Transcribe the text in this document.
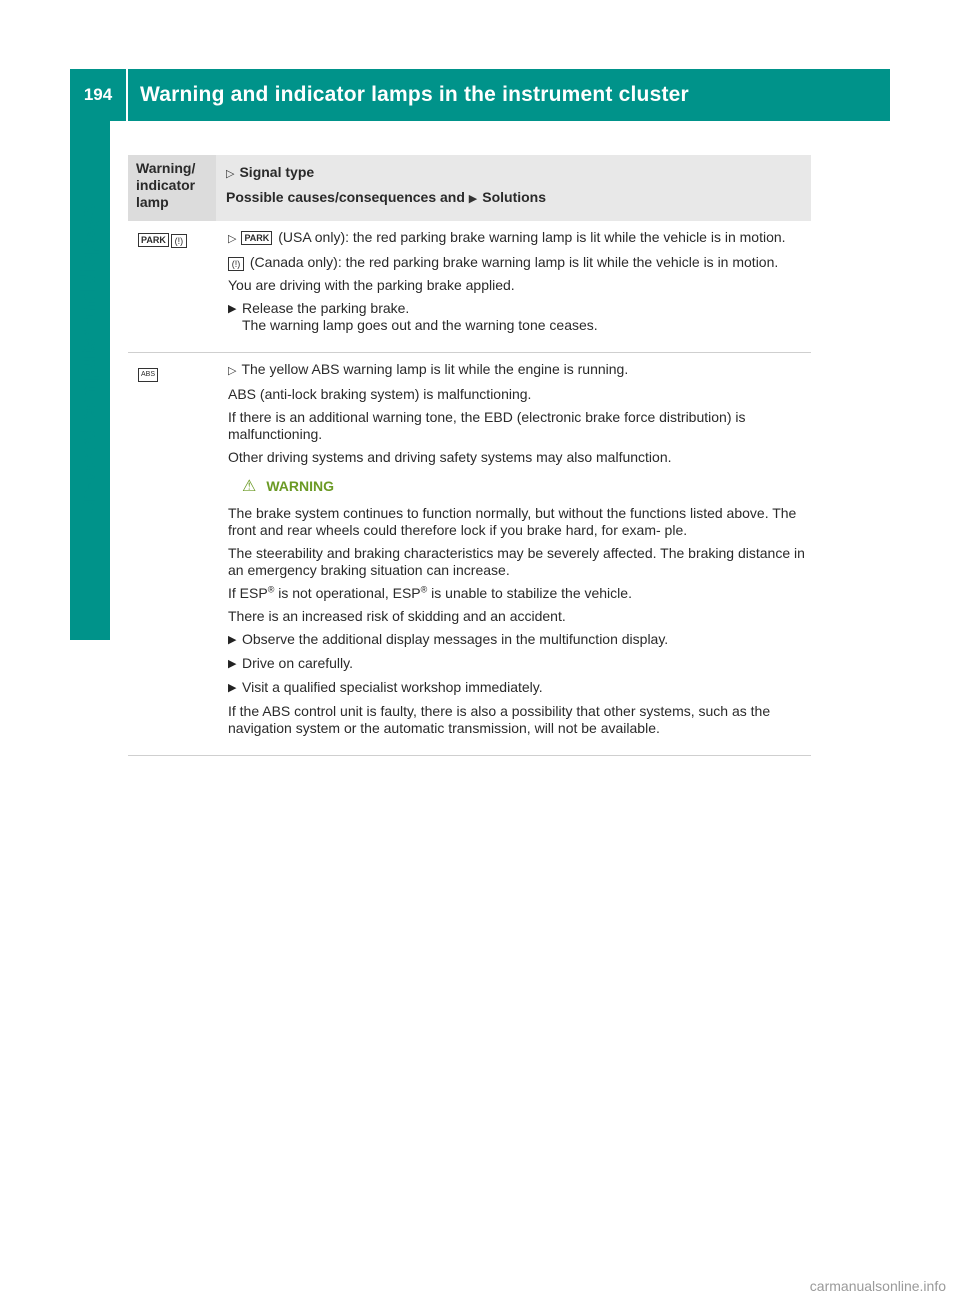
194	Warning and indicator lamps in the instrument cluster
On-board computer and displays
Warning/ indicator lamp
▷ Signal type
Possible causes/consequences and ▶ Solutions
PARK (!)	▷ PARK (USA only): the red parking brake warning lamp is lit while the vehicle is in motion.

(!) (Canada only): the red parking brake warning lamp is lit while the vehicle is in motion.

You are driving with the parking brake applied.

▶ Release the parking brake.
The warning lamp goes out and the warning tone ceases.
ABS	▷ The yellow ABS warning lamp is lit while the engine is running.

ABS (anti-lock braking system) is malfunctioning.

If there is an additional warning tone, the EBD (electronic brake force distribution) is malfunctioning.

Other driving systems and driving safety systems may also malfunction.

⚠ WARNING

The brake system continues to function normally, but without the functions listed above. The front and rear wheels could therefore lock if you brake hard, for exam- ple.

The steerability and braking characteristics may be severely affected. The braking distance in an emergency braking situation can increase.

If ESP® is not operational, ESP® is unable to stabilize the vehicle.

There is an increased risk of skidding and an accident.

▶ Observe the additional display messages in the multifunction display.
▶ Drive on carefully.
▶ Visit a qualified specialist workshop immediately.

If the ABS control unit is faulty, there is also a possibility that other systems, such as the navigation system or the automatic transmission, will not be available.

carmanualsonline.info
